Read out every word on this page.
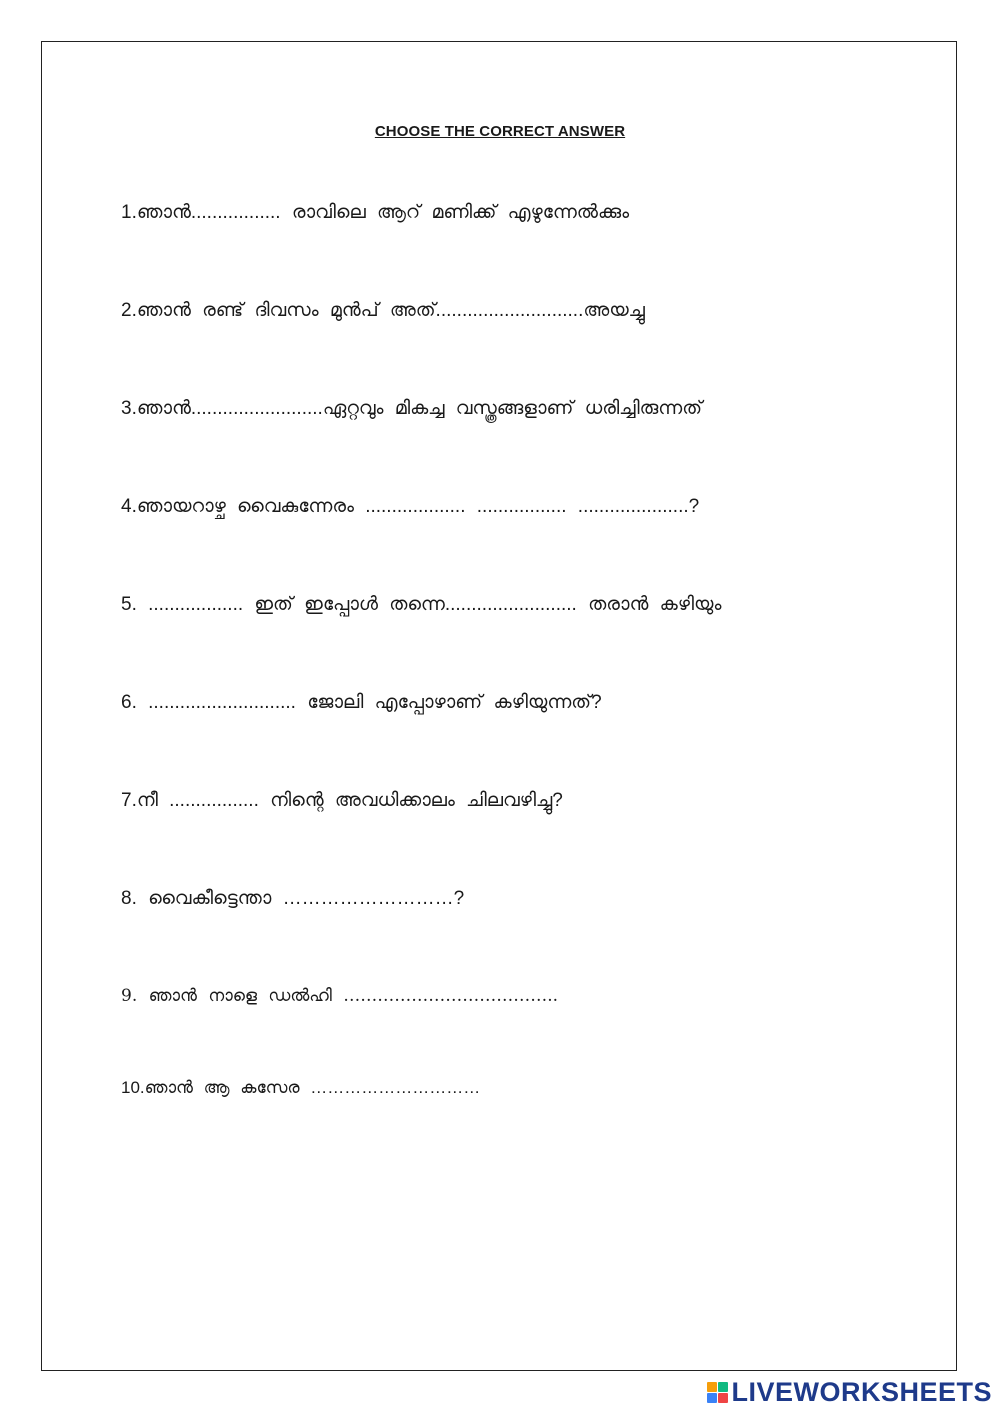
CHOOSE THE CORRECT ANSWER
1.ഞാൻ................. രാവിലെ ആറ് മണിക്ക് എഴുന്നേൽക്കും
2.ഞാൻ രണ്ട് ദിവസം മുൻപ് അത്............................അയച്ചു
3.ഞാൻ.........................ഏറ്റവും മികച്ച വസ്ത്രങ്ങളാണ് ധരിച്ചിരുന്നത്
4.ഞായറാഴ്ച വൈകുന്നേരം ................... ................. .....................?
5. .................. ഇത് ഇപ്പോൾ തന്നെ......................... തരാൻ കഴിയും
6. ............................ ജോലി എപ്പോഴാണ് കഴിയുന്നത്?
7.നീ ................. നിന്റെ അവധിക്കാലം ചിലവഴിച്ചു?
8. വൈകീട്ടെന്താ ………………………?
9. ഞാൻ നാളെ ഡൽഹി ………………………………..
10.ഞാൻ ആ കസേര …………………………
LIVEWORKSHEETS
